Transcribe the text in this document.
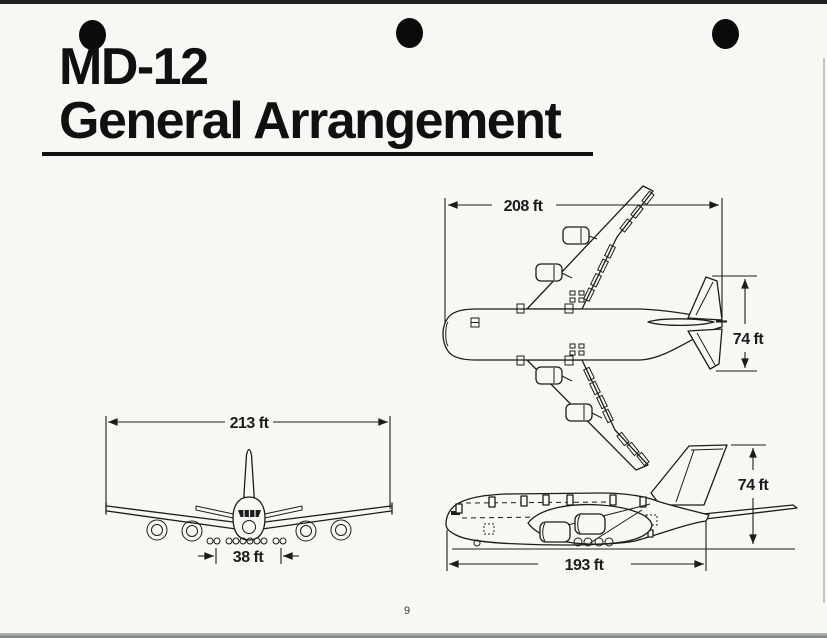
MD-12
General Arrangement
208 ft
74 ft
213 ft
38 ft	193 ft
74 ft
9
